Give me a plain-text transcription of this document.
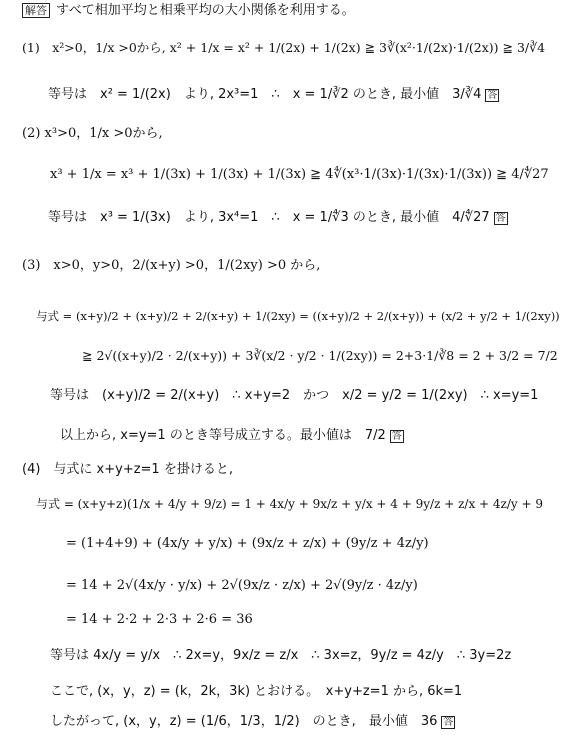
解答 すべて相加平均と相乗平均の大小関係を利用する。
(1)　x²>0，1/x >0から, x² + 1/x = x² + 1/(2x) + 1/(2x) ≧ 3∛(x²·1/(2x)·1/(2x)) ≧ 3/∛4
等号は　x² = 1/(2x)　より, 2x³=1　∴　x = 1/∛2 のとき, 最小値　3/∛4 答
(2) x³>0，1/x >0から,
x³ + 1/x = x³ + 1/(3x) + 1/(3x) + 1/(3x) ≧ 4∜(x³·1/(3x)·1/(3x)·1/(3x)) ≧ 4/∜27
等号は　x³ = 1/(3x)　より, 3x⁴=1　∴　x = 1/∜3 のとき, 最小値　4/∜27 答
(3)　x>0，y>0，2/(x+y) >0，1/(2xy) >0 から,
与式 = (x+y)/2 + (x+y)/2 + 2/(x+y) + 1/(2xy) = ((x+y)/2 + 2/(x+y)) + (x/2 + y/2 + 1/(2xy))
≧ 2√((x+y)/2 · 2/(x+y)) + 3∛(x/2 · y/2 · 1/(2xy)) = 2+3·1/∛8 = 2 + 3/2 = 7/2
等号は　(x+y)/2 = 2/(x+y)　∴ x+y=2　かつ　x/2 = y/2 = 1/(2xy)　∴ x=y=1
以上から, x=y=1 のとき等号成立する。最小値は　7/2 答
(4)　与式に x+y+z=1 を掛けると,
与式 = (x+y+z)(1/x + 4/y + 9/z) = 1 + 4x/y + 9x/z + y/x + 4 + 9y/z + z/x + 4z/y + 9
= (1+4+9) + (4x/y + y/x) + (9x/z + z/x) + (9y/z + 4z/y)
= 14 + 2√(4x/y · y/x) + 2√(9x/z · z/x) + 2√(9y/z · 4z/y)
= 14 + 2·2 + 2·3 + 2·6 = 36
等号は 4x/y = y/x　∴ 2x=y，9x/z = z/x　∴ 3x=z，9y/z = 4z/y　∴ 3y=2z
ここで, (x，y，z) = (k，2k，3k) とおける。　x+y+z=1 から, 6k=1
したがって, (x，y，z) = (1/6，1/3，1/2)　のとき,　最小値　36 答
